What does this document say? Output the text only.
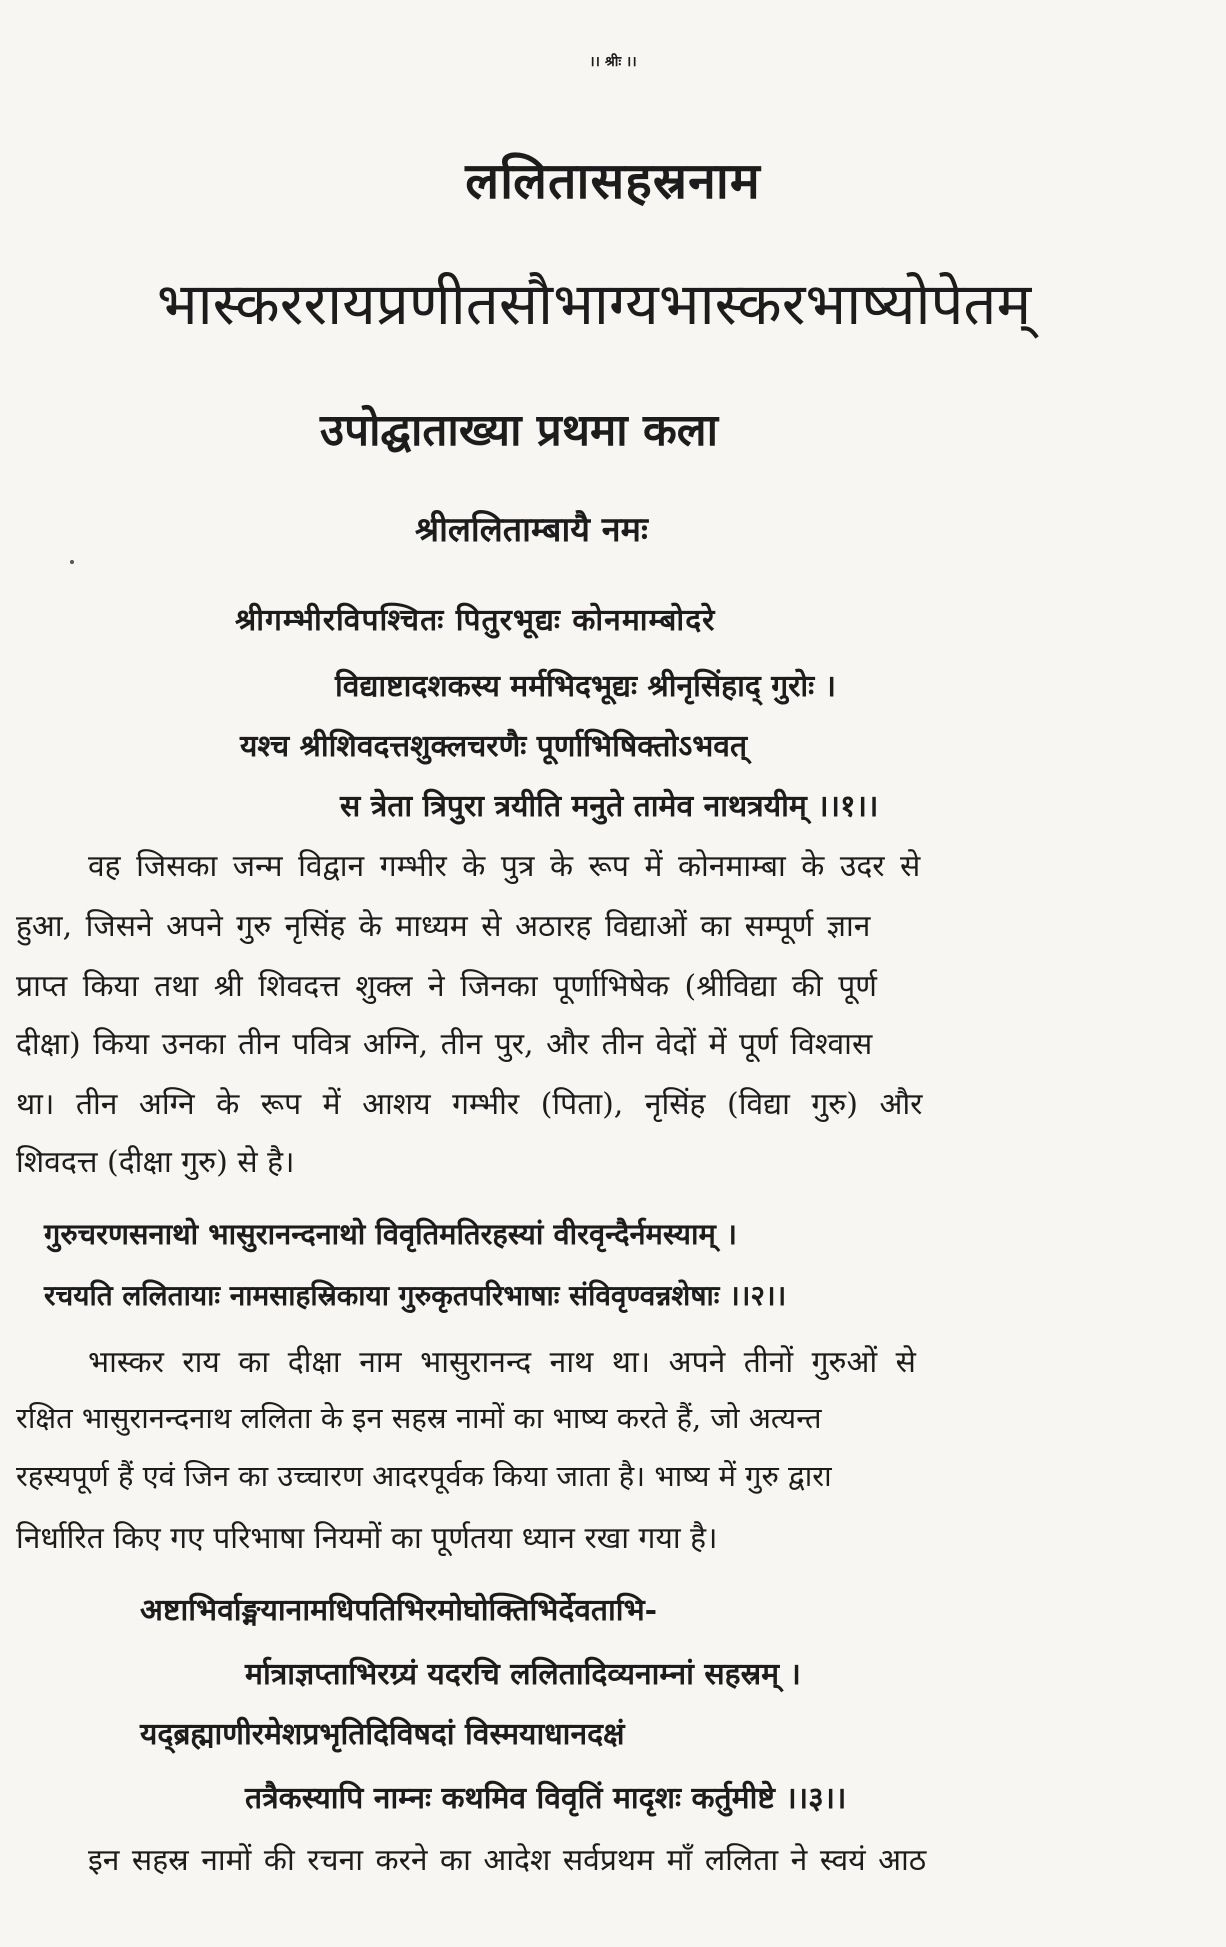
।। श्रीः ।।
ललितासहस्रनाम
भास्कररायप्रणीतसौभाग्यभास्करभाष्योपेतम्
उपोद्घाताख्या प्रथमा कला
श्रीललिताम्बायै नमः
श्रीगम्भीरविपश्चितः पितुरभूद्यः कोनमाम्बोदरे
विद्याष्टादशकस्य मर्मभिदभूद्यः श्रीनृसिंहाद् गुरोः ।
यश्च श्रीशिवदत्तशुक्लचरणैः पूर्णाभिषिक्तोऽभवत्
स त्रेता त्रिपुरा त्रयीति मनुते तामेव नाथत्रयीम् ।।१।।
वह जिसका जन्म विद्वान गम्भीर के पुत्र के रूप में कोनमाम्बा के उदर से
हुआ, जिसने अपने गुरु नृसिंह के माध्यम से अठारह विद्याओं का सम्पूर्ण ज्ञान
प्राप्त किया तथा श्री शिवदत्त शुक्ल ने जिनका पूर्णाभिषेक (श्रीविद्या की पूर्ण
दीक्षा) किया उनका तीन पवित्र अग्नि, तीन पुर, और तीन वेदों में पूर्ण विश्वास
था। तीन अग्नि के रूप में आशय गम्भीर (पिता), नृसिंह (विद्या गुरु) और
शिवदत्त (दीक्षा गुरु) से है।
गुरुचरणसनाथो भासुरानन्दनाथो विवृतिमतिरहस्यां वीरवृन्दैर्नमस्याम् ।
रचयति ललितायाः नामसाहस्रिकाया गुरुकृतपरिभाषाः संविवृण्वन्नशेषाः ।।२।।
भास्कर राय का दीक्षा नाम भासुरानन्द नाथ था। अपने तीनों गुरुओं से
रक्षित भासुरानन्दनाथ ललिता के इन सहस्र नामों का भाष्य करते हैं, जो अत्यन्त
रहस्यपूर्ण हैं एवं जिन का उच्चारण आदरपूर्वक किया जाता है। भाष्य में गुरु द्वारा
निर्धारित किए गए परिभाषा नियमों का पूर्णतया ध्यान रखा गया है।
अष्टाभिर्वाङ्मयानामधिपतिभिरमोघोक्तिभिर्देवताभि-
र्मात्राज्ञप्ताभिरग्र्यं यदरचि ललितादिव्यनाम्नां सहस्रम् ।
यद्ब्रह्माणीरमेशप्रभृतिदिविषदां विस्मयाधानदक्षं
तत्रैकस्यापि नाम्नः कथमिव विवृतिं मादृशः कर्तुमीष्टे ।।३।।
इन सहस्र नामों की रचना करने का आदेश सर्वप्रथम माँ ललिता ने स्वयं आठ
